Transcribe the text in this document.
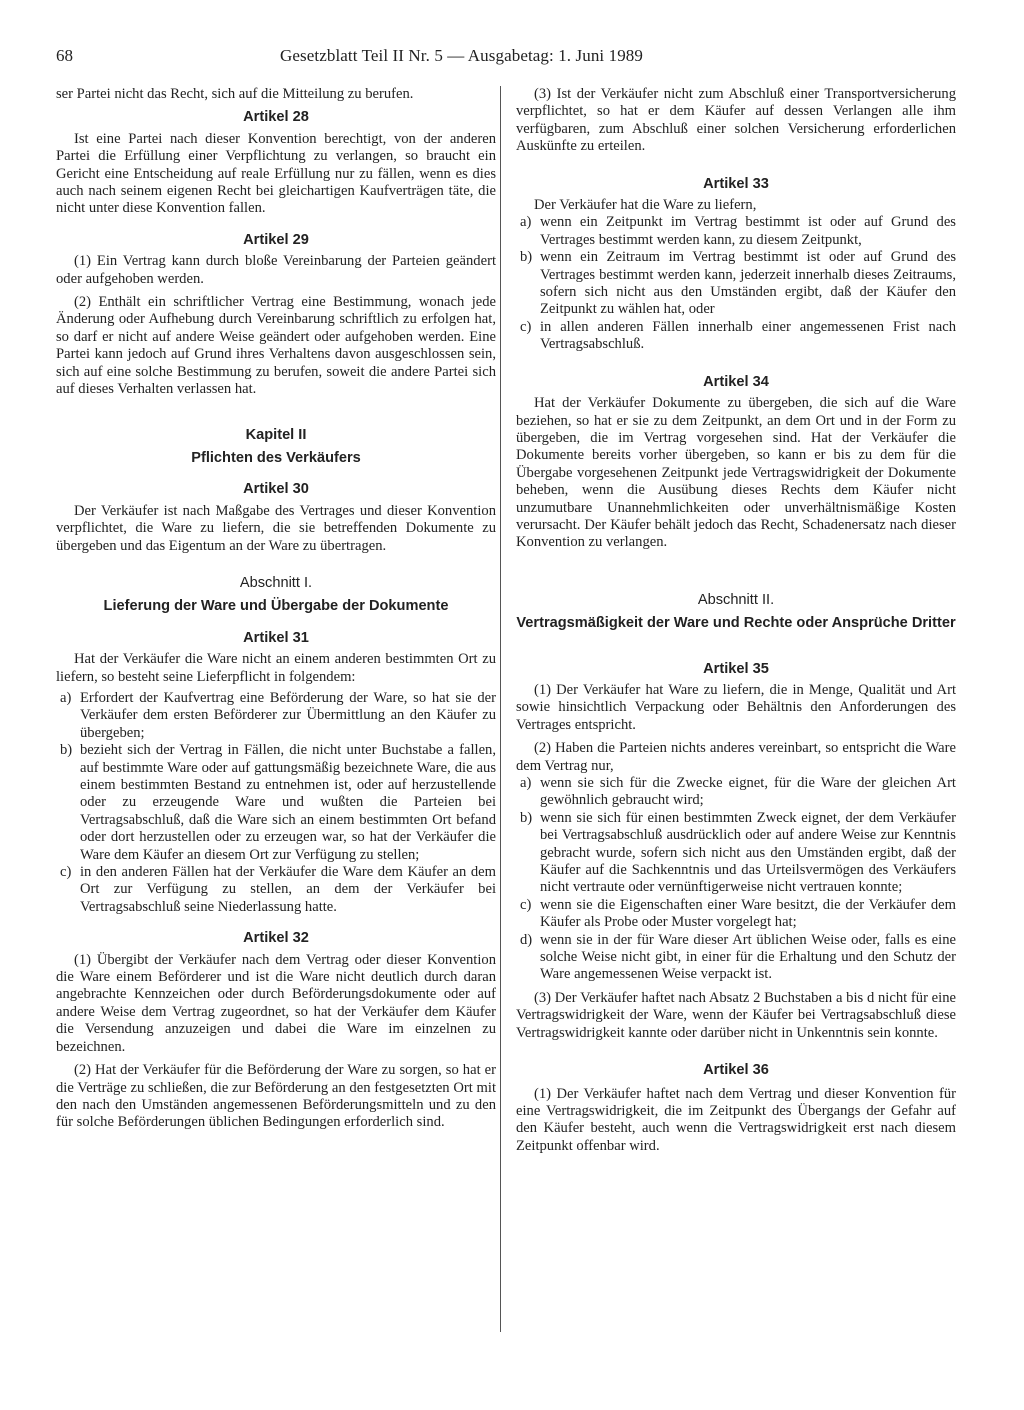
68	Gesetzblatt Teil II Nr. 5 — Ausgabetag: 1. Juni 1989

ser Partei nicht das Recht, sich auf die Mitteilung zu berufen.

Artikel 28

Ist eine Partei nach dieser Konvention berechtigt, von der anderen Partei die Erfüllung einer Verpflichtung zu verlangen, so braucht ein Gericht eine Entscheidung auf reale Erfüllung nur zu fällen, wenn es dies auch nach seinem eigenen Recht bei gleichartigen Kaufverträgen täte, die nicht unter diese Konvention fallen.

Artikel 29

(1) Ein Vertrag kann durch bloße Vereinbarung der Parteien geändert oder aufgehoben werden.

(2) Enthält ein schriftlicher Vertrag eine Bestimmung, wonach jede Änderung oder Aufhebung durch Vereinbarung schriftlich zu erfolgen hat, so darf er nicht auf andere Weise geändert oder aufgehoben werden. Eine Partei kann jedoch auf Grund ihres Verhaltens davon ausgeschlossen sein, sich auf eine solche Bestimmung zu berufen, soweit die andere Partei sich auf dieses Verhalten verlassen hat.

Kapitel II

Pflichten des Verkäufers

Artikel 30

Der Verkäufer ist nach Maßgabe des Vertrages und dieser Konvention verpflichtet, die Ware zu liefern, die sie betreffenden Dokumente zu übergeben und das Eigentum an der Ware zu übertragen.

Abschnitt I.

Lieferung der Ware und Übergabe der Dokumente

Artikel 31

Hat der Verkäufer die Ware nicht an einem anderen bestimmten Ort zu liefern, so besteht seine Lieferpflicht in folgendem:

a) Erfordert der Kaufvertrag eine Beförderung der Ware, so hat sie der Verkäufer dem ersten Beförderer zur Übermittlung an den Käufer zu übergeben;
b) bezieht sich der Vertrag in Fällen, die nicht unter Buchstabe a fallen, auf bestimmte Ware oder auf gattungsmäßig bezeichnete Ware, die aus einem bestimmten Bestand zu entnehmen ist, oder auf herzustellende oder zu erzeugende Ware und wußten die Parteien bei Vertragsabschluß, daß die Ware sich an einem bestimmten Ort befand oder dort herzustellen oder zu erzeugen war, so hat der Verkäufer die Ware dem Käufer an diesem Ort zur Verfügung zu stellen;
c) in den anderen Fällen hat der Verkäufer die Ware dem Käufer an dem Ort zur Verfügung zu stellen, an dem der Verkäufer bei Vertragsabschluß seine Niederlassung hatte.

Artikel 32

(1) Übergibt der Verkäufer nach dem Vertrag oder dieser Konvention die Ware einem Beförderer und ist die Ware nicht deutlich durch daran angebrachte Kennzeichen oder durch Beförderungsdokumente oder auf andere Weise dem Vertrag zugeordnet, so hat der Verkäufer dem Käufer die Versendung anzuzeigen und dabei die Ware im einzelnen zu bezeichnen.

(2) Hat der Verkäufer für die Beförderung der Ware zu sorgen, so hat er die Verträge zu schließen, die zur Beförderung an den festgesetzten Ort mit den nach den Umständen angemessenen Beförderungsmitteln und zu den für solche Beförderungen üblichen Bedingungen erforderlich sind.

(3) Ist der Verkäufer nicht zum Abschluß einer Transportversicherung verpflichtet, so hat er dem Käufer auf dessen Verlangen alle ihm verfügbaren, zum Abschluß einer solchen Versicherung erforderlichen Auskünfte zu erteilen.

Artikel 33

Der Verkäufer hat die Ware zu liefern,

a) wenn ein Zeitpunkt im Vertrag bestimmt ist oder auf Grund des Vertrages bestimmt werden kann, zu diesem Zeitpunkt,
b) wenn ein Zeitraum im Vertrag bestimmt ist oder auf Grund des Vertrages bestimmt werden kann, jederzeit innerhalb dieses Zeitraums, sofern sich nicht aus den Umständen ergibt, daß der Käufer den Zeitpunkt zu wählen hat, oder
c) in allen anderen Fällen innerhalb einer angemessenen Frist nach Vertragsabschluß.

Artikel 34

Hat der Verkäufer Dokumente zu übergeben, die sich auf die Ware beziehen, so hat er sie zu dem Zeitpunkt, an dem Ort und in der Form zu übergeben, die im Vertrag vorgesehen sind. Hat der Verkäufer die Dokumente bereits vorher übergeben, so kann er bis zu dem für die Übergabe vorgesehenen Zeitpunkt jede Vertragswidrigkeit der Dokumente beheben, wenn die Ausübung dieses Rechts dem Käufer nicht unzumutbare Unannehmlichkeiten oder unverhältnismäßige Kosten verursacht. Der Käufer behält jedoch das Recht, Schadenersatz nach dieser Konvention zu verlangen.

Abschnitt II.

Vertragsmäßigkeit der Ware und Rechte oder Ansprüche Dritter

Artikel 35

(1) Der Verkäufer hat Ware zu liefern, die in Menge, Qualität und Art sowie hinsichtlich Verpackung oder Behältnis den Anforderungen des Vertrages entspricht.

(2) Haben die Parteien nichts anderes vereinbart, so entspricht die Ware dem Vertrag nur,

a) wenn sie sich für die Zwecke eignet, für die Ware der gleichen Art gewöhnlich gebraucht wird;
b) wenn sie sich für einen bestimmten Zweck eignet, der dem Verkäufer bei Vertragsabschluß ausdrücklich oder auf andere Weise zur Kenntnis gebracht wurde, sofern sich nicht aus den Umständen ergibt, daß der Käufer auf die Sachkenntnis und das Urteilsvermögen des Verkäufers nicht vertraute oder vernünftigerweise nicht vertrauen konnte;
c) wenn sie die Eigenschaften einer Ware besitzt, die der Verkäufer dem Käufer als Probe oder Muster vorgelegt hat;
d) wenn sie in der für Ware dieser Art üblichen Weise oder, falls es eine solche Weise nicht gibt, in einer für die Erhaltung und den Schutz der Ware angemessenen Weise verpackt ist.

(3) Der Verkäufer haftet nach Absatz 2 Buchstaben a bis d nicht für eine Vertragswidrigkeit der Ware, wenn der Käufer bei Vertragsabschluß diese Vertragswidrigkeit kannte oder darüber nicht in Unkenntnis sein konnte.

Artikel 36

(1) Der Verkäufer haftet nach dem Vertrag und dieser Konvention für eine Vertragswidrigkeit, die im Zeitpunkt des Übergangs der Gefahr auf den Käufer besteht, auch wenn die Vertragswidrigkeit erst nach diesem Zeitpunkt offenbar wird.
